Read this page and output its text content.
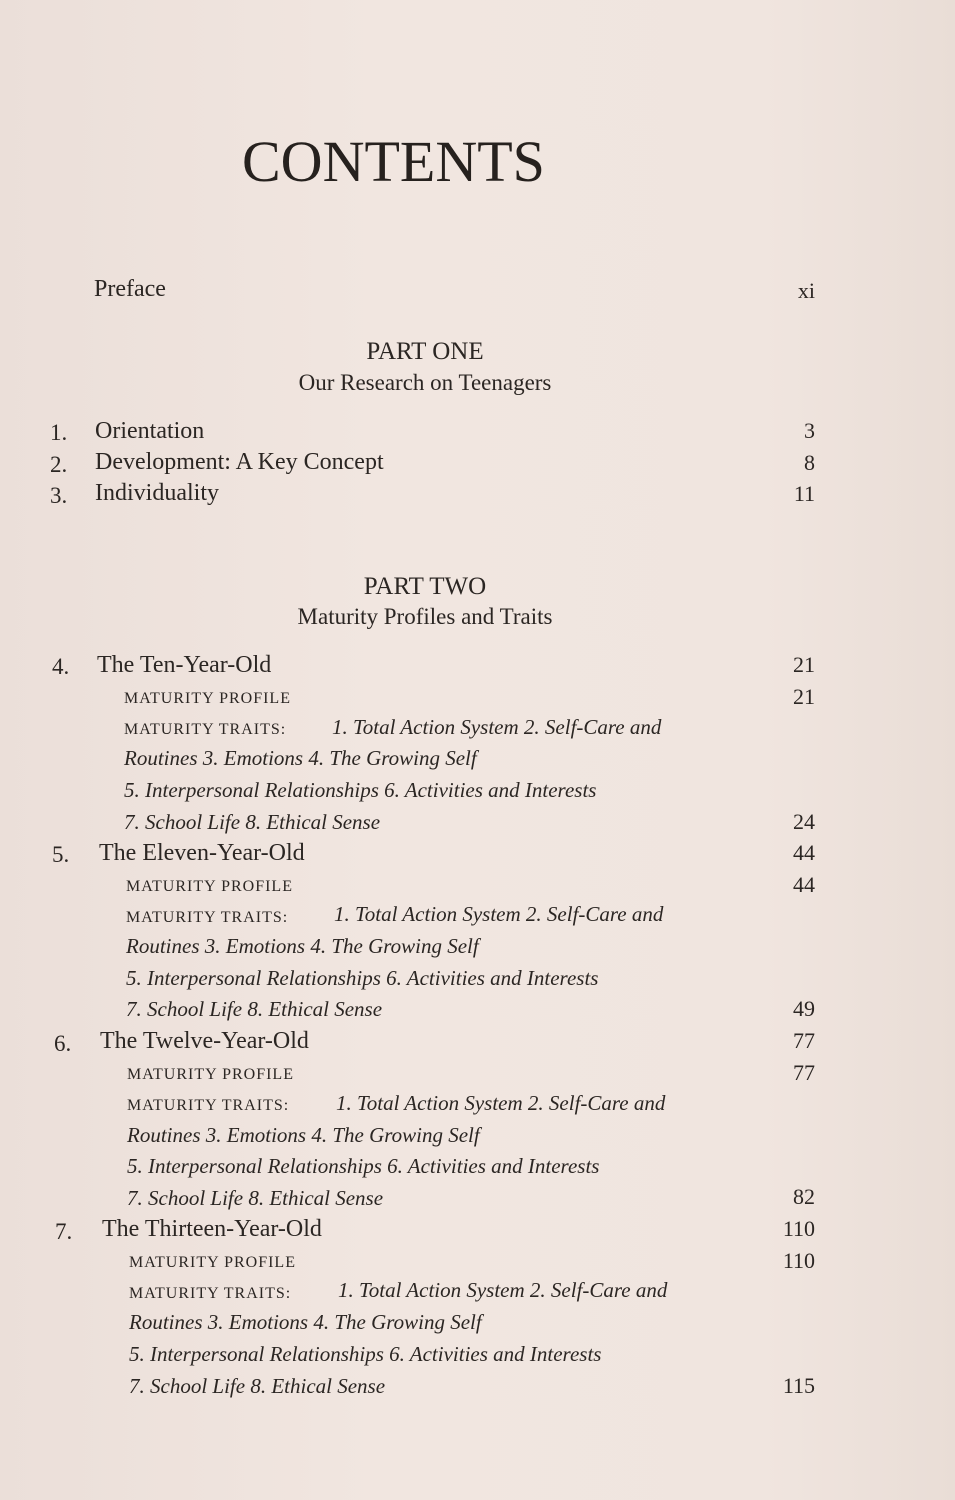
CONTENTS
Preface	xi
PART ONE
Our Research on Teenagers
1.	Orientation	3
2.	Development: A Key Concept	8
3.	Individuality	11
PART TWO
Maturity Profiles and Traits
4.	The Ten-Year-Old	21
MATURITY PROFILE	21
MATURITY TRAITS: 1. Total Action System 2. Self-Care and
Routines 3. Emotions 4. The Growing Self
5. Interpersonal Relationships 6. Activities and Interests
7. School Life 8. Ethical Sense	24
5.	The Eleven-Year-Old	44
MATURITY PROFILE	44
MATURITY TRAITS: 1. Total Action System 2. Self-Care and
Routines 3. Emotions 4. The Growing Self
5. Interpersonal Relationships 6. Activities and Interests
7. School Life 8. Ethical Sense	49
6.	The Twelve-Year-Old	77
MATURITY PROFILE	77
MATURITY TRAITS: 1. Total Action System 2. Self-Care and
Routines 3. Emotions 4. The Growing Self
5. Interpersonal Relationships 6. Activities and Interests
7. School Life 8. Ethical Sense	82
7.	The Thirteen-Year-Old	110
MATURITY PROFILE	110
MATURITY TRAITS: 1. Total Action System 2. Self-Care and
Routines 3. Emotions 4. The Growing Self
5. Interpersonal Relationships 6. Activities and Interests
7. School Life 8. Ethical Sense	115
